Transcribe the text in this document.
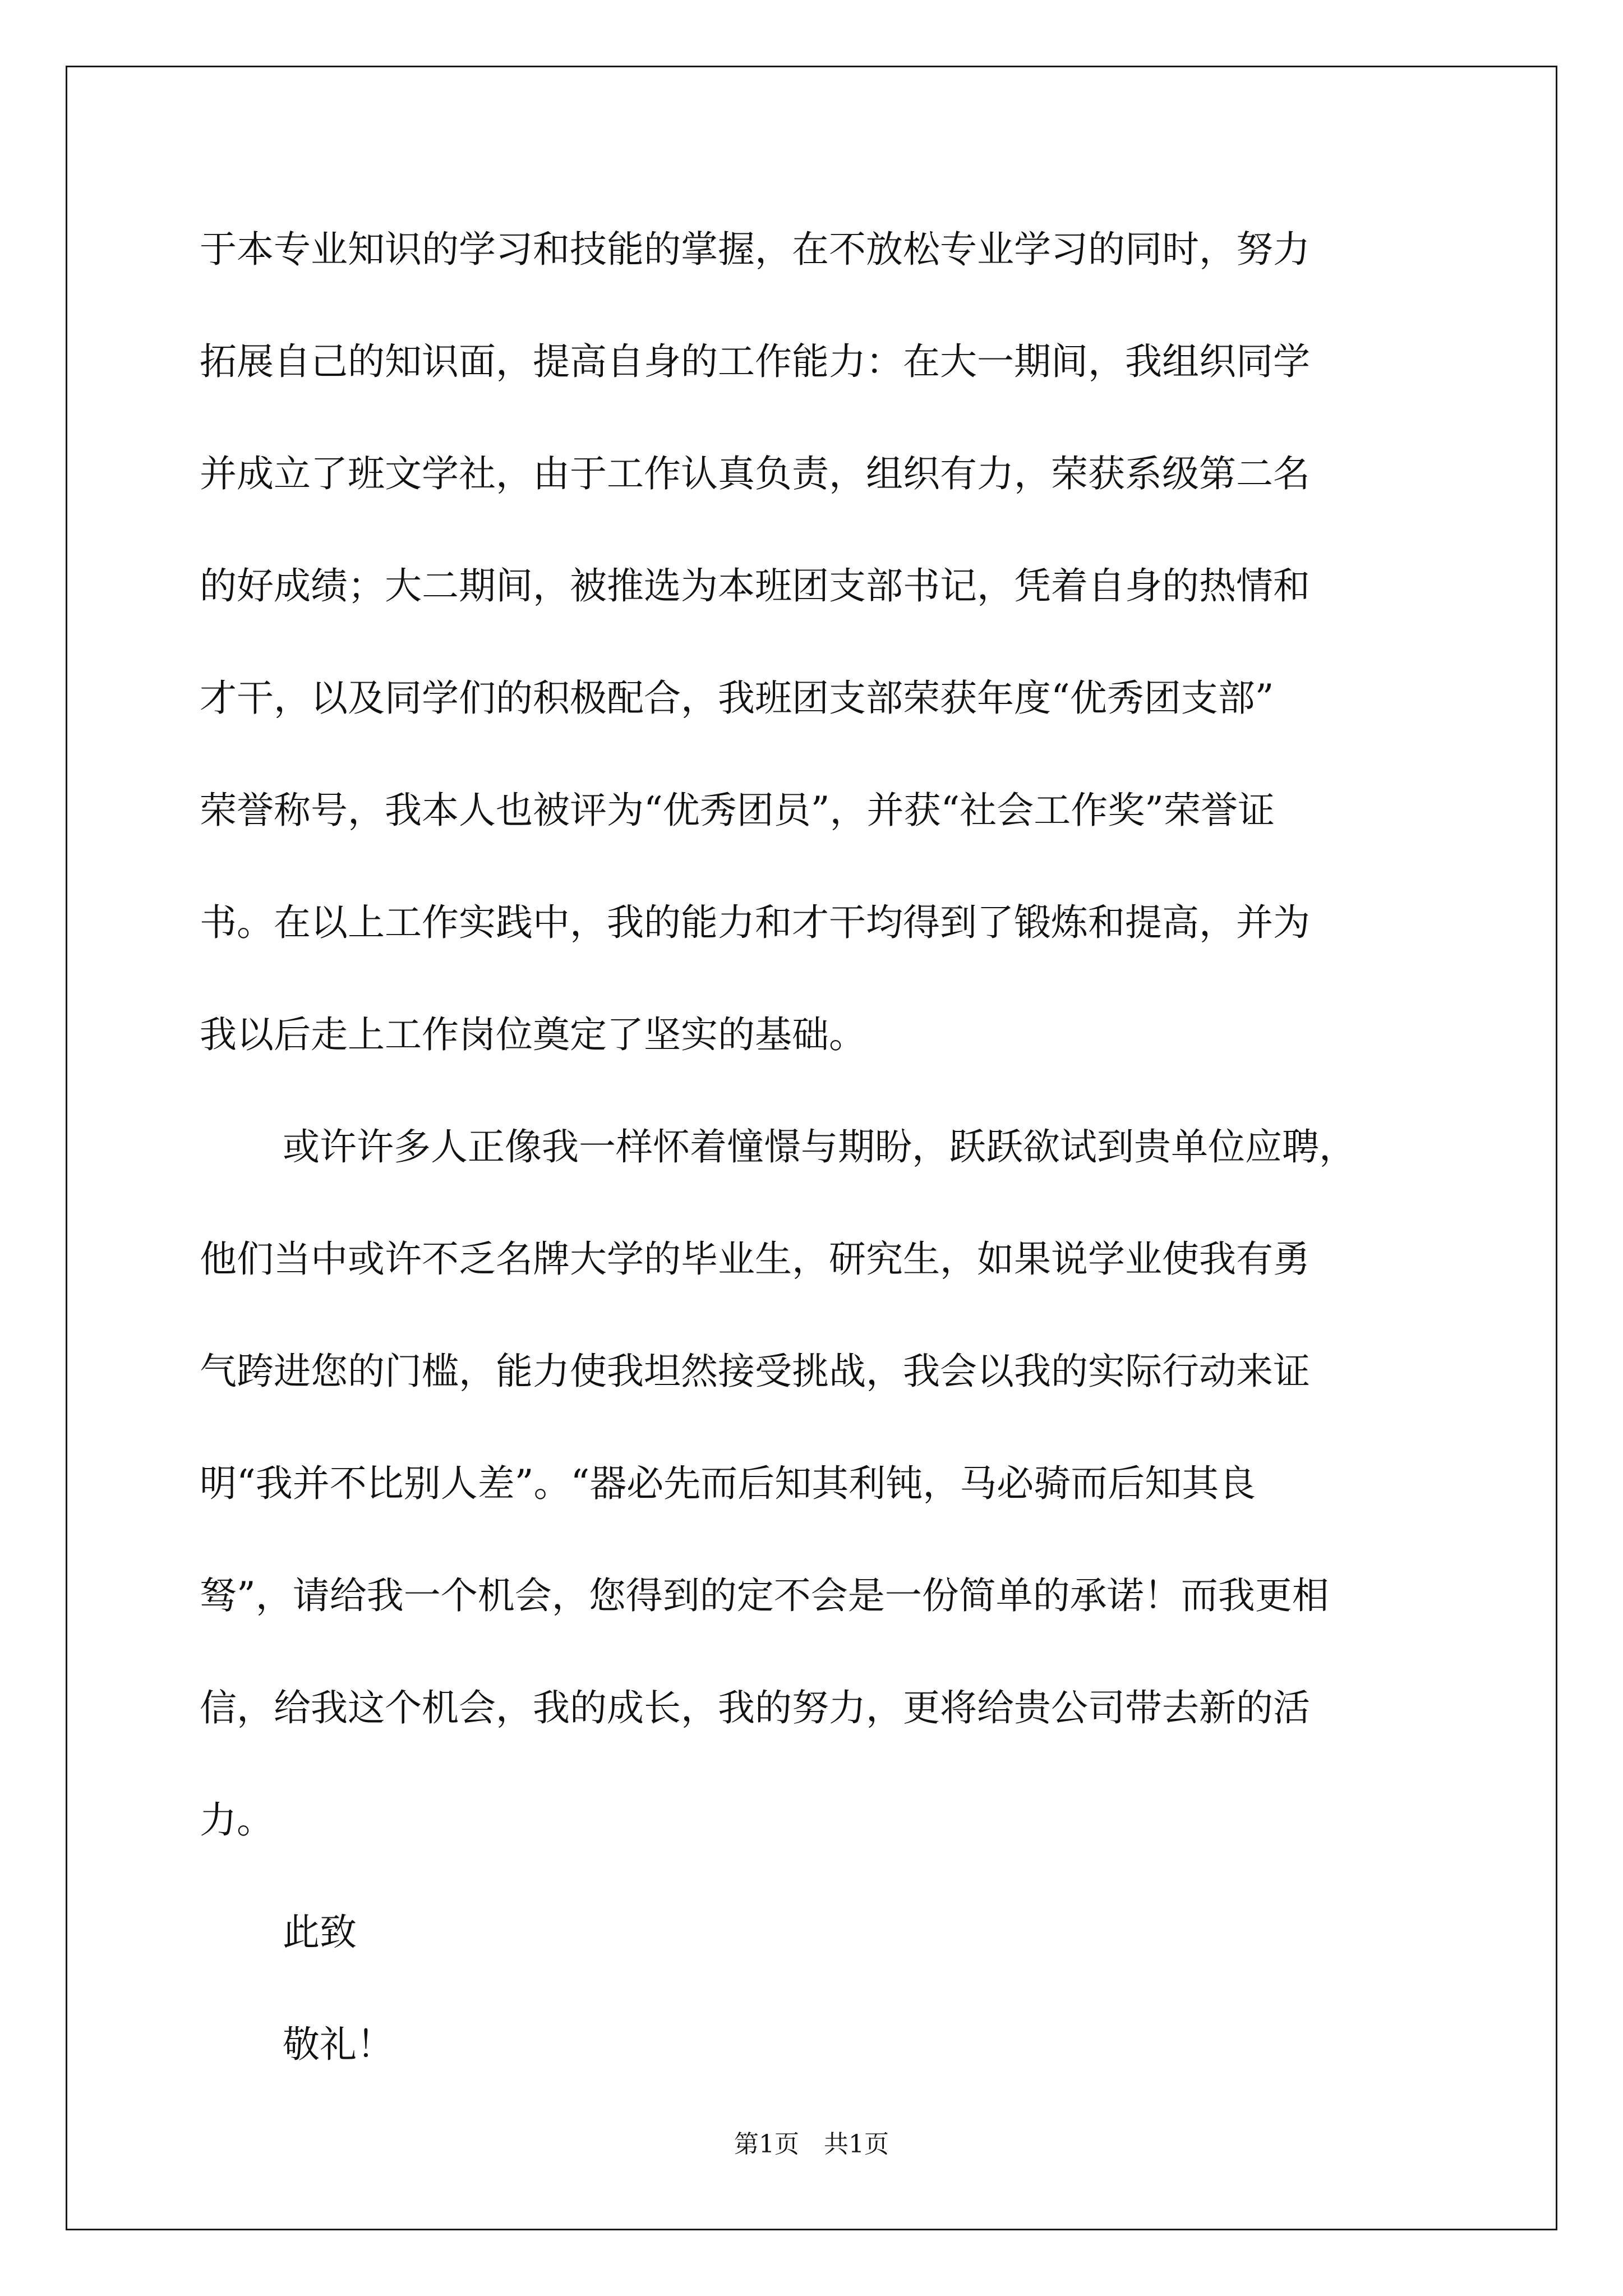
于本专业知识的学习和技能的掌握，在不放松专业学习的同时，努力

拓展自己的知识面，提高自身的工作能力：在大一期间，我组织同学

并成立了班文学社，由于工作认真负责，组织有力，荣获系级第二名

的好成绩；大二期间，被推选为本班团支部书记，凭着自身的热情和

才干，以及同学们的积极配合，我班团支部荣获年度“优秀团支部”

荣誉称号，我本人也被评为“优秀团员”，并获“社会工作奖”荣誉证

书。在以上工作实践中，我的能力和才干均得到了锻炼和提高，并为

我以后走上工作岗位奠定了坚实的基础。

或许许多人正像我一样怀着憧憬与期盼，跃跃欲试到贵单位应聘，

他们当中或许不乏名牌大学的毕业生，研究生，如果说学业使我有勇

气跨进您的门槛，能力使我坦然接受挑战，我会以我的实际行动来证

明“我并不比别人差”。“器必先而后知其利钝，马必骑而后知其良

驽”，请给我一个机会，您得到的定不会是一份简单的承诺！而我更相

信，给我这个机会，我的成长，我的努力，更将给贵公司带去新的活

力。

此致

敬礼！

第1页　共1页
